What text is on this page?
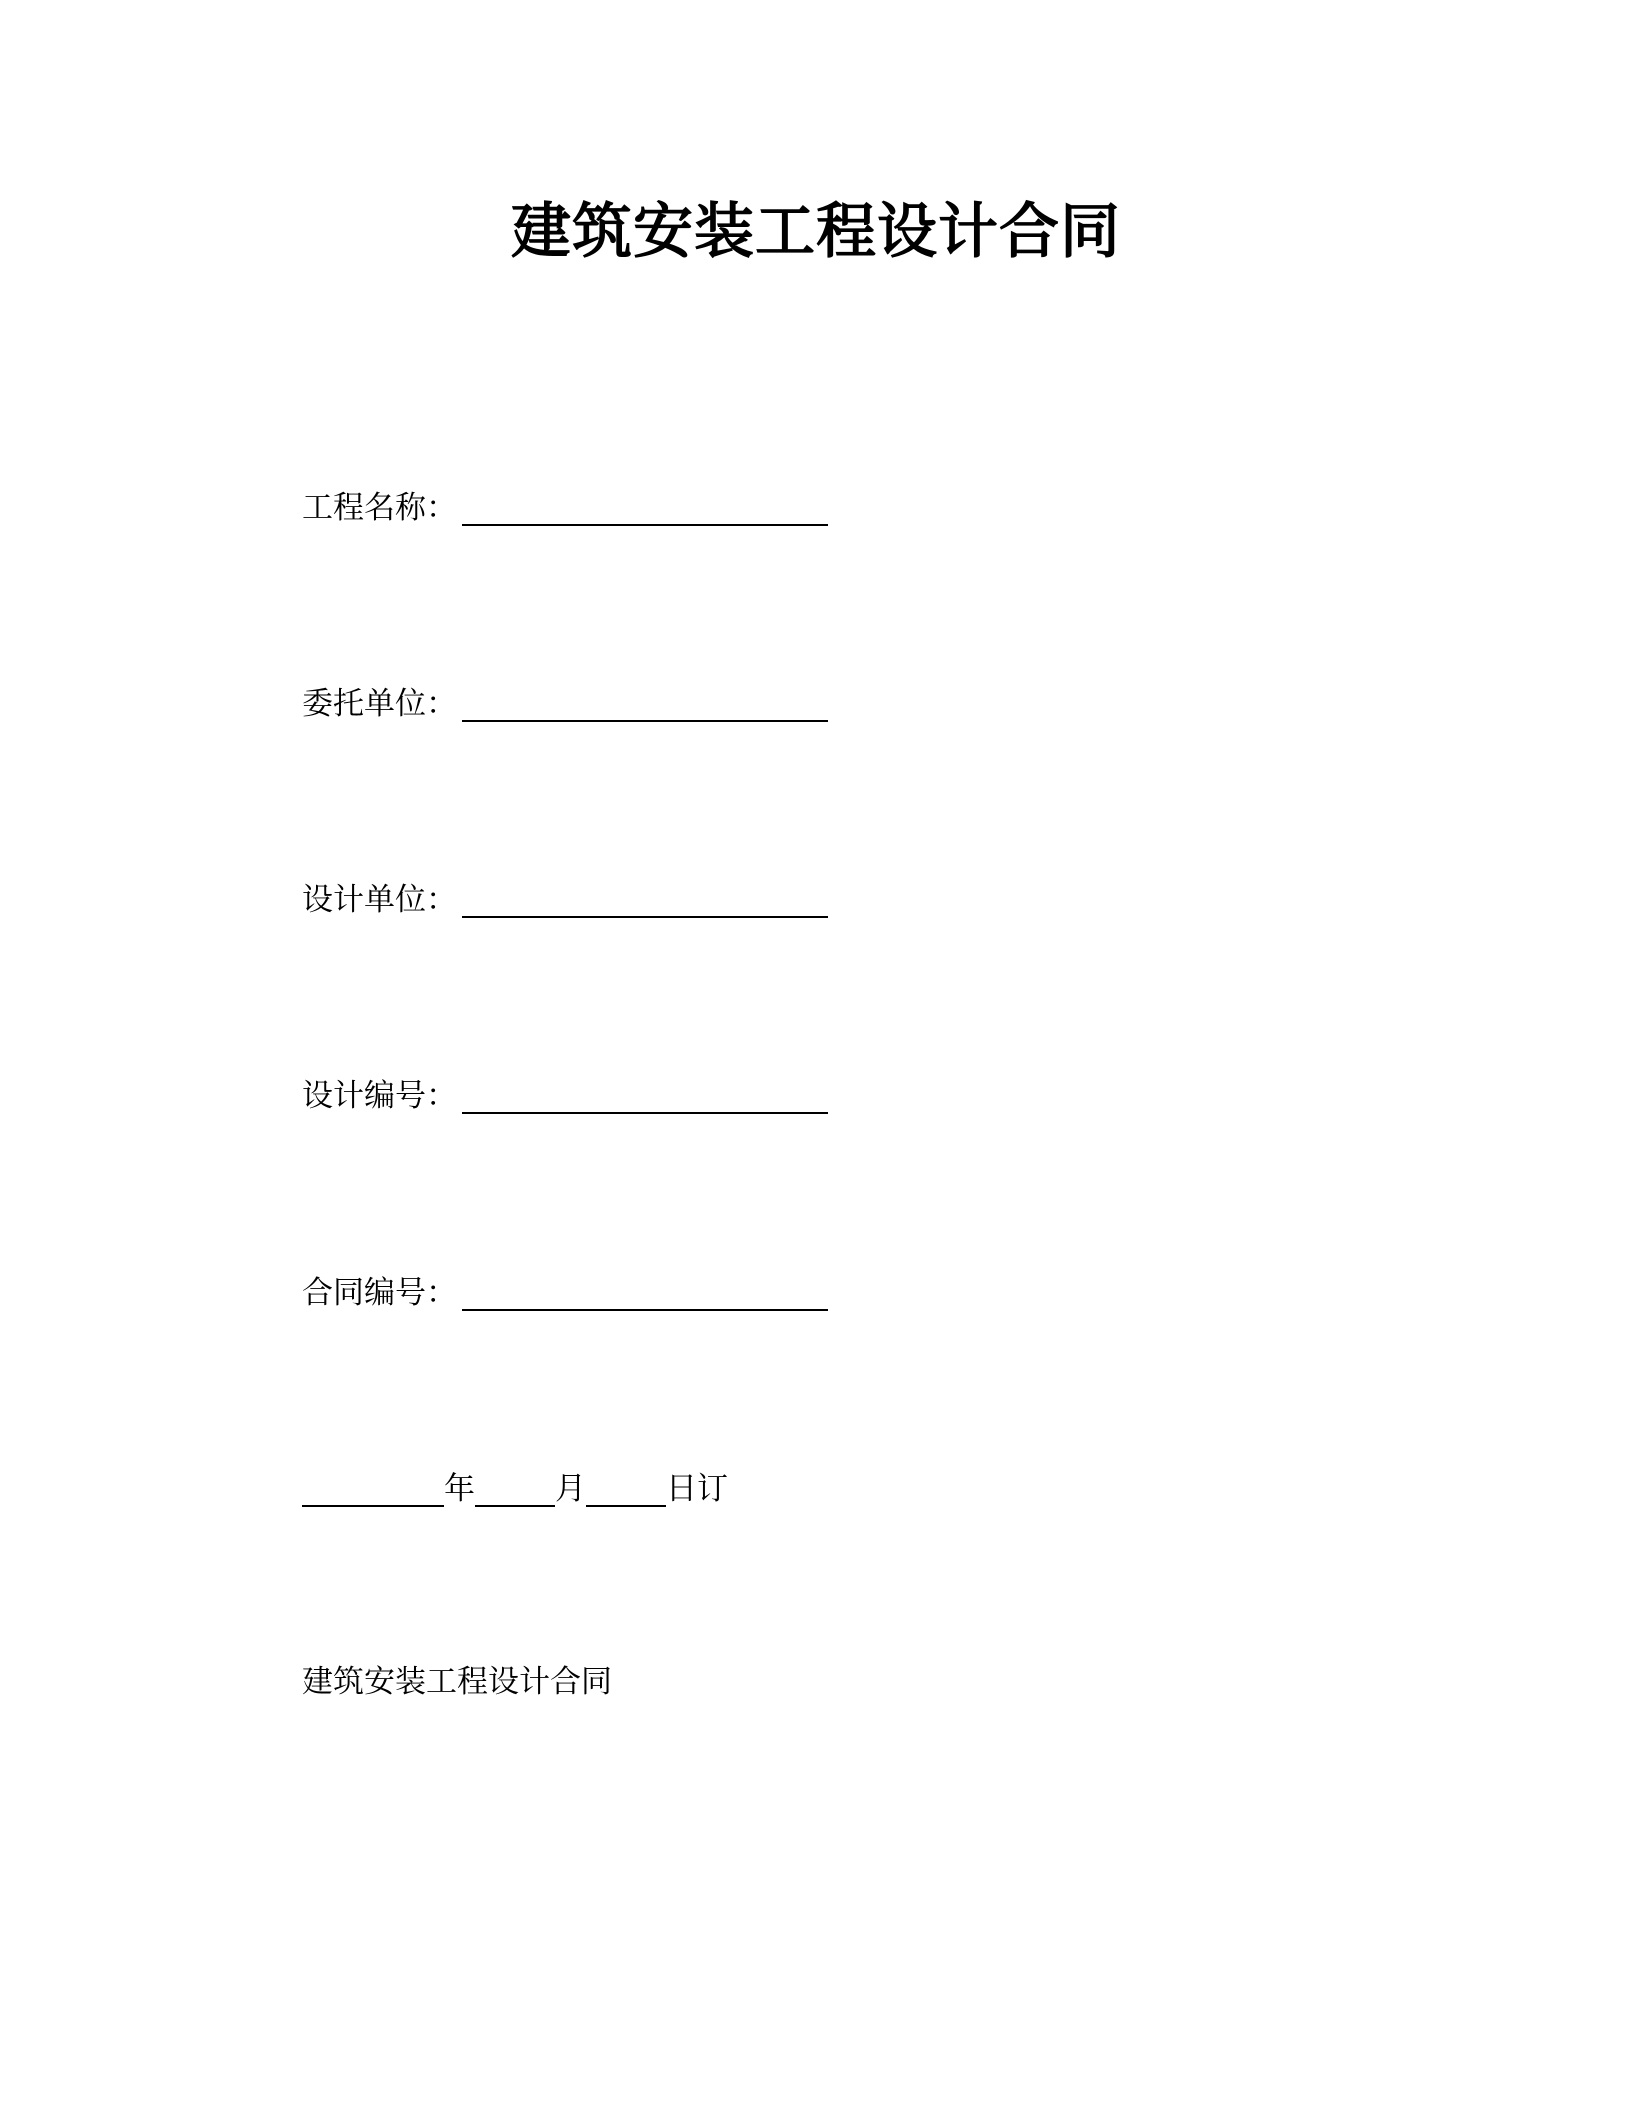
建筑安装工程设计合同
工程名称：
委托单位：
设计单位：
设计编号：
合同编号：
年	月	日订
建筑安装工程设计合同
